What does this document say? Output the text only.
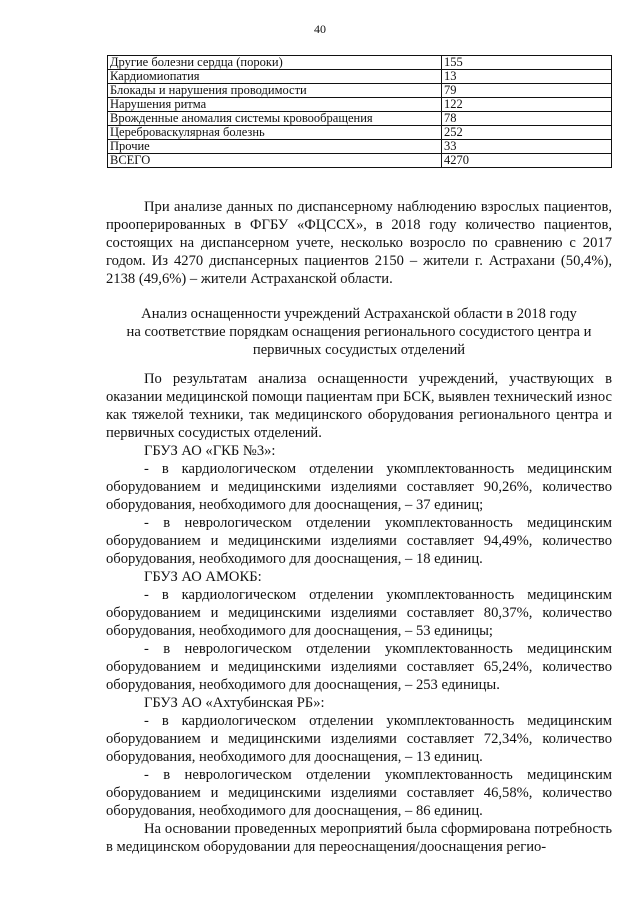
40
Другие болезни сердца (пороки)	155
Кардиомиопатия	13
Блокады и нарушения проводимости	79
Нарушения ритма	122
Врожденные аномалия системы кровообращения	78
Цереброваскулярная болезнь	252
Прочие	33
ВСЕГО	4270

При анализе данных по диспансерному наблюдению взрослых пациентов, прооперированных в ФГБУ «ФЦССХ», в 2018 году количество пациентов, состоящих на диспансерном учете, несколько возросло по сравнению с 2017 годом. Из 4270 диспансерных пациентов 2150 – жители г. Астрахани (50,4%), 2138 (49,6%) – жители Астраханской области.

Анализ оснащенности учреждений Астраханской области в 2018 году
на соответствие порядкам оснащения регионального сосудистого центра и
первичных сосудистых отделений

По результатам анализа оснащенности учреждений, участвующих в оказании медицинской помощи пациентам при БСК, выявлен технический износ как тяжелой техники, так медицинского оборудования регионального центра и первичных сосудистых отделений.

ГБУЗ АО «ГКБ №3»:

- в кардиологическом отделении укомплектованность медицинским оборудованием и медицинскими изделиями составляет 90,26%, количество оборудования, необходимого для дооснащения, – 37 единиц;

- в неврологическом отделении укомплектованность медицинским оборудованием и медицинскими изделиями составляет 94,49%, количество оборудования, необходимого для дооснащения, – 18 единиц.

ГБУЗ АО АМОКБ:

- в кардиологическом отделении укомплектованность медицинским оборудованием и медицинскими изделиями составляет 80,37%, количество оборудования, необходимого для дооснащения, – 53 единицы;

- в неврологическом отделении укомплектованность медицинским оборудованием и медицинскими изделиями составляет 65,24%, количество оборудования, необходимого для дооснащения, – 253 единицы.

ГБУЗ АО «Ахтубинская РБ»:

- в кардиологическом отделении укомплектованность медицинским оборудованием и медицинскими изделиями составляет 72,34%, количество оборудования, необходимого для дооснащения, – 13 единиц.

- в неврологическом отделении укомплектованность медицинским оборудованием и медицинскими изделиями составляет 46,58%, количество оборудования, необходимого для дооснащения, – 86 единиц.

На основании проведенных мероприятий была сформирована потребность в медицинском оборудовании для переоснащения/дооснащения регио-
